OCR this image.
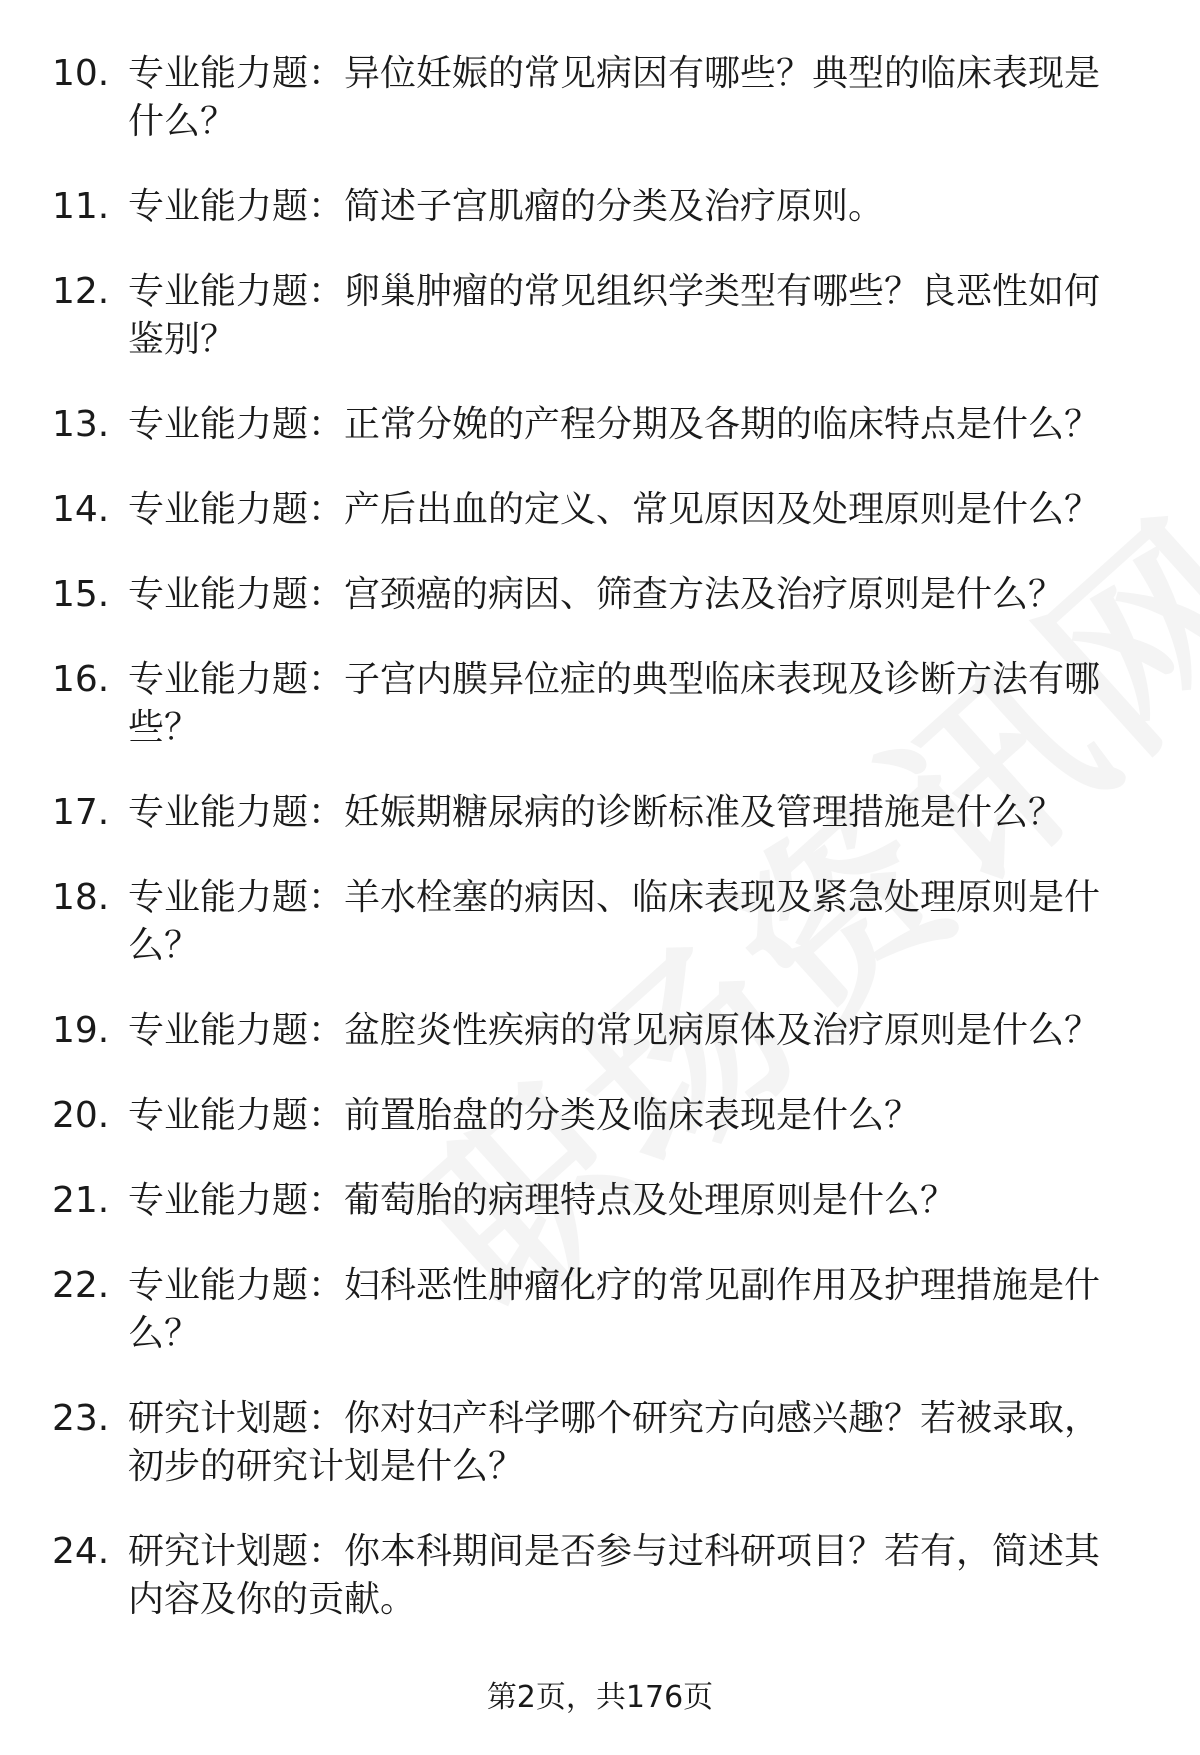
10. 专业能力题：异位妊娠的常见病因有哪些？典型的临床表现是什么？
11. 专业能力题：简述子宫肌瘤的分类及治疗原则。
12. 专业能力题：卵巢肿瘤的常见组织学类型有哪些？良恶性如何鉴别？
13. 专业能力题：正常分娩的产程分期及各期的临床特点是什么？
14. 专业能力题：产后出血的定义、常见原因及处理原则是什么？
15. 专业能力题：宫颈癌的病因、筛查方法及治疗原则是什么？
16. 专业能力题：子宫内膜异位症的典型临床表现及诊断方法有哪些？
17. 专业能力题：妊娠期糖尿病的诊断标准及管理措施是什么？
18. 专业能力题：羊水栓塞的病因、临床表现及紧急处理原则是什么？
19. 专业能力题：盆腔炎性疾病的常见病原体及治疗原则是什么？
20. 专业能力题：前置胎盘的分类及临床表现是什么？
21. 专业能力题：葡萄胎的病理特点及处理原则是什么？
22. 专业能力题：妇科恶性肿瘤化疗的常见副作用及护理措施是什么？
23. 研究计划题：你对妇产科学哪个研究方向感兴趣？若被录取，初步的研究计划是什么？
24. 研究计划题：你本科期间是否参与过科研项目？若有，简述其内容及你的贡献。
第2页，共176页
